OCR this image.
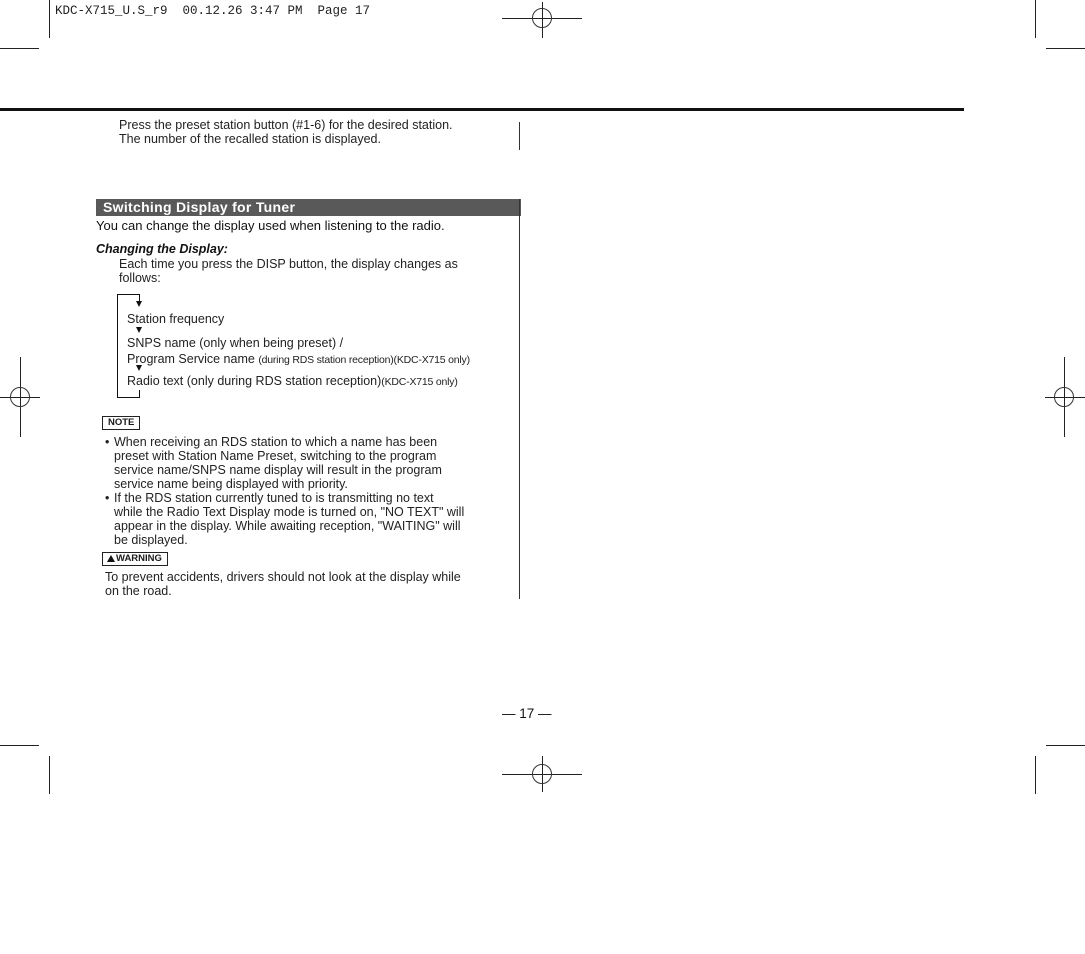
KDC-X715_U.S_r9  00.12.26 3:47 PM  Page 17
Press the preset station button (#1-6) for the desired station.
The number of the recalled station is displayed.
Switching Display for Tuner
You can change the display used when listening to the radio.
Changing the Display:
Each time you press the DISP button, the display changes as
follows:
Station frequency
SNPS name (only when being preset) /
Program Service name (during RDS station reception)(KDC-X715 only)
Radio text (only during RDS station reception)(KDC-X715 only)
NOTE
• When receiving an RDS station to which a name has been
preset with Station Name Preset, switching to the program
service name/SNPS name display will result in the program
service name being displayed with priority.
• If the RDS station currently tuned to is transmitting no text
while the Radio Text Display mode is turned on, "NO TEXT" will
appear in the display. While awaiting reception, "WAITING" will
be displayed.
WARNING
To prevent accidents, drivers should not look at the display while
on the road.
— 17 —
